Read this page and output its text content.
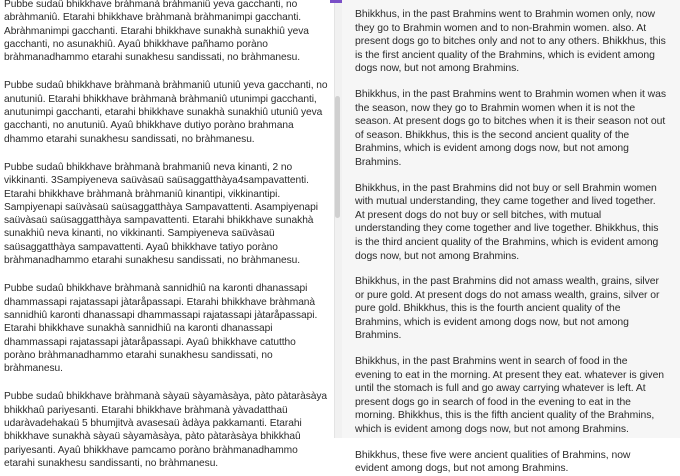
Pubbe sudaû bhikkhave bràhmanà bràhmaniû yeva gacchanti, no abràhmaniû. Etarahi bhikkhave bràhmanà bràhmanimpi gacchanti. Abràhmanimpi gacchanti. Etarahi bhikkhave sunakhà sunakhiû yeva gacchanti, no asunakhiû. Ayaû bhikkhave pañhamo poràno bràhmanadhammo etarahi sunakhesu sandissati, no bràhmanesu.

Pubbe sudaû bhikkhave bràhmanà bràhmaniû utuniû yeva gacchanti, no anutuniû. Etarahi bhikkhave bràhmanà bràhmaniû utunimpi gacchanti, anutunimpi gacchanti, etarahi bhikkhave sunakhà sunakhiû utuniû yeva gacchanti, no anutuniû. Ayaû bhikkhave dutiyo poràno brahmana dhammo etarahi sunakhesu sandissati, no bràhmanesu.

Pubbe sudaû bhikkhave bràhmanà brahmaniû neva kinanti, 2 no vikkinanti. 3Sampiyeneva saüvàsaü saüsaggatthàya4sampavattenti. Etarahi bhikkhave bràhmanà bràhmaniû kinantipi, vikkinantipi. Sampiyenapi saüvàsaü saüsaggatthàya Sampavattenti. Asampiyenapi saüvàsaü saüsaggatthàya sampavattenti. Etarahi bhikkhave sunakhà sunakhiû neva kinanti, no vikkinanti. Sampiyeneva saüvàsaü saüsaggatthàya sampavattenti. Ayaû bhikkhave tatiyo poràno bràhmanadhammo etarahi sunakhesu sandissati, no bràhmanesu.

Pubbe sudaû bhikkhave bràhmanà sannidhiû na karonti dhanassapi dhammassapi rajatassapi jàtaråpassapi. Etarahi bhikkhave bràhmanà sannidhiû karonti dhanassapi dhammassapi rajatassapi jàtaråpassapi. Etarahi bhikkhave sunakhà sannidhiû na karonti dhanassapi dhammassapi rajatassapi jàtaråpassapi. Ayaû bhikkhave catuttho poràno bràhmanadhammo etarahi sunakhesu sandissati, no bràhmanesu.

Pubbe sudaû bhikkhave bràhmanà sàyaü sàyamàsàya, pàto pàtaràsàya bhikkhaû pariyesanti. Etarahi bhikkhave bràhmanà yàvadatthaü udaràvadehakaü 5 bhumjitvà avasesaü àdàya pakkamanti. Etarahi bhikkhave sunakhà sàyaü sàyamàsàya, pàto pàtaràsàya bhikkhaû pariyesanti. Ayaû bhikkhave pamcamo poràno bràhmanadhammo etarahi sunakhesu sandissanti, no bràhmanesu.

Bhikkhus, in the past Brahmins went to Brahmin women only, now they go to Brahmin women and to non-Brahmin women. also. At present dogs go to bitches only and not to any others. Bhikkhus, this is the first ancient quality of the Brahmins, which is evident among dogs now, but not among Brahmins.

Bhikkhus, in the past Brahmins went to Brahmin women when it was the season, now they go to Brahmin women when it is not the season. At present dogs go to bitches when it is their season not out of season. Bhikkhus, this is the second ancient quality of the Brahmins, which is evident among dogs now, but not among Brahmins.

Bhikkhus, in the past Brahmins did not buy or sell Brahmin women with mutual understanding, they came together and lived together. At present dogs do not buy or sell bitches, with mutual understanding they come together and live together. Bhikkhus, this is the third ancient quality of the Brahmins, which is evident among dogs now, but not among Brahmins.

Bhikkhus, in the past Brahmins did not amass wealth, grains, silver or pure gold. At present dogs do not amass wealth, grains, silver or pure gold. Bhikkhus, this is the fourth ancient quality of the Brahmins, which is evident among dogs now, but not among Brahmins.

Bhikkhus, in the past Brahmins went in search of food in the evening to eat in the morning. At present they eat. whatever is given until the stomach is full and go away carrying whatever is left. At present dogs go in search of food in the evening to eat in the morning. Bhikkhus, this is the fifth ancient quality of the Brahmins, which is evident among dogs now, but not among Brahmins.

Bhikkhus, these five were ancient qualities of Brahmins, now evident among dogs, but not among Brahmins.
